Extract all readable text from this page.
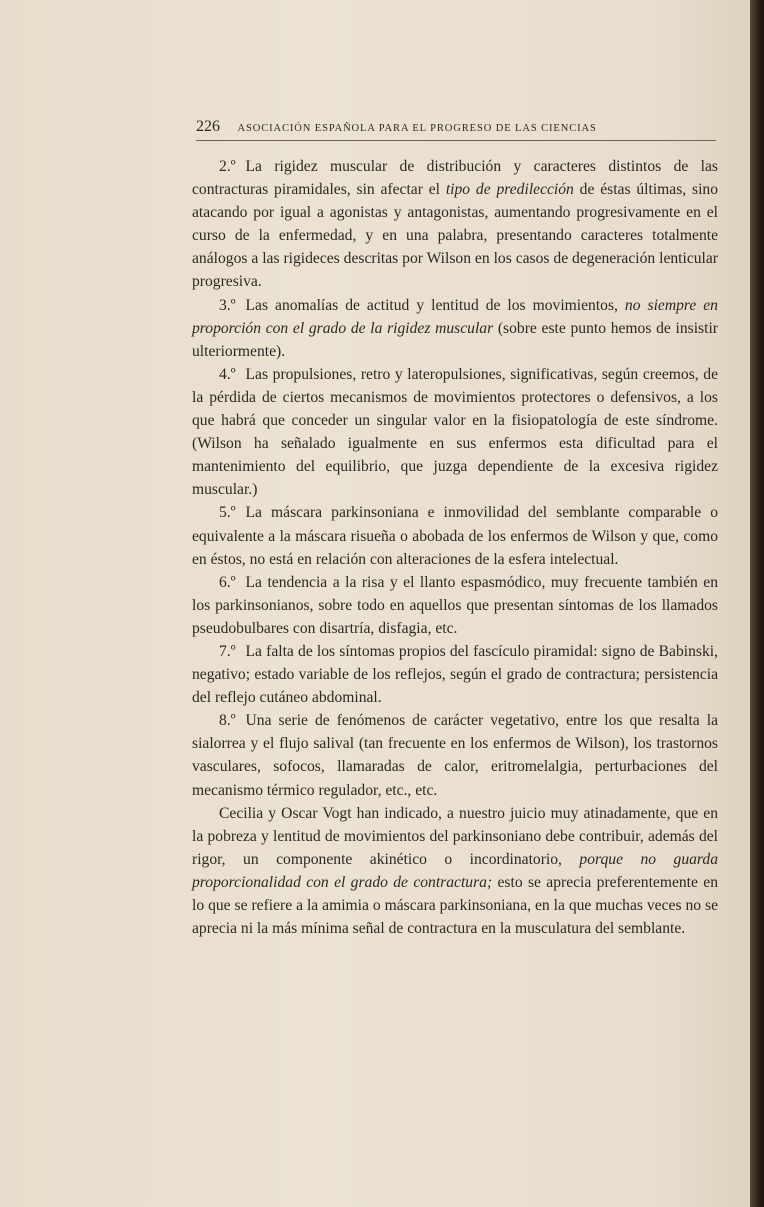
226 ASOCIACIÓN ESPAÑOLA PARA EL PROGRESO DE LAS CIENCIAS

2.º La rigidez muscular de distribución y caracteres distintos de las contracturas piramidales, sin afectar el tipo de predilección de éstas últimas, sino atacando por igual a agonistas y antagonistas, aumentando progresivamente en el curso de la enfermedad, y en una palabra, presentando caracteres totalmente análogos a las rigideces descritas por Wilson en los casos de degeneración lenticular progresiva.

3.º Las anomalías de actitud y lentitud de los movimientos, no siempre en proporción con el grado de la rigidez muscular (sobre este punto hemos de insistir ulteriormente).

4.º Las propulsiones, retro y lateropulsiones, significativas, según creemos, de la pérdida de ciertos mecanismos de movimientos protectores o defensivos, a los que habrá que conceder un singular valor en la fisiopatología de este síndrome. (Wilson ha señalado igualmente en sus enfermos esta dificultad para el mantenimiento del equilibrio, que juzga dependiente de la excesiva rigidez muscular.)

5.º La máscara parkinsoniana e inmovilidad del semblante comparable o equivalente a la máscara risueña o abobada de los enfermos de Wilson y que, como en éstos, no está en relación con alteraciones de la esfera intelectual.

6.º La tendencia a la risa y el llanto espasmódico, muy frecuente también en los parkinsonianos, sobre todo en aquellos que presentan síntomas de los llamados pseudobulbares con disartría, disfagia, etc.

7.º La falta de los síntomas propios del fascículo piramidal: signo de Babinski, negativo; estado variable de los reflejos, según el grado de contractura; persistencia del reflejo cutáneo abdominal.

8.º Una serie de fenómenos de carácter vegetativo, entre los que resalta la sialorrea y el flujo salival (tan frecuente en los enfermos de Wilson), los trastornos vasculares, sofocos, llamaradas de calor, eritromelalgia, perturbaciones del mecanismo térmico regulador, etc., etc.

Cecilia y Oscar Vogt han indicado, a nuestro juicio muy atinadamente, que en la pobreza y lentitud de movimientos del parkinsoniano debe contribuir, además del rigor, un componente akinético o incordinatorio, porque no guarda proporcionalidad con el grado de contractura; esto se aprecia preferentemente en lo que se refiere a la amimia o máscara parkinsoniana, en la que muchas veces no se aprecia ni la más mínima señal de contractura en la musculatura del semblante.
